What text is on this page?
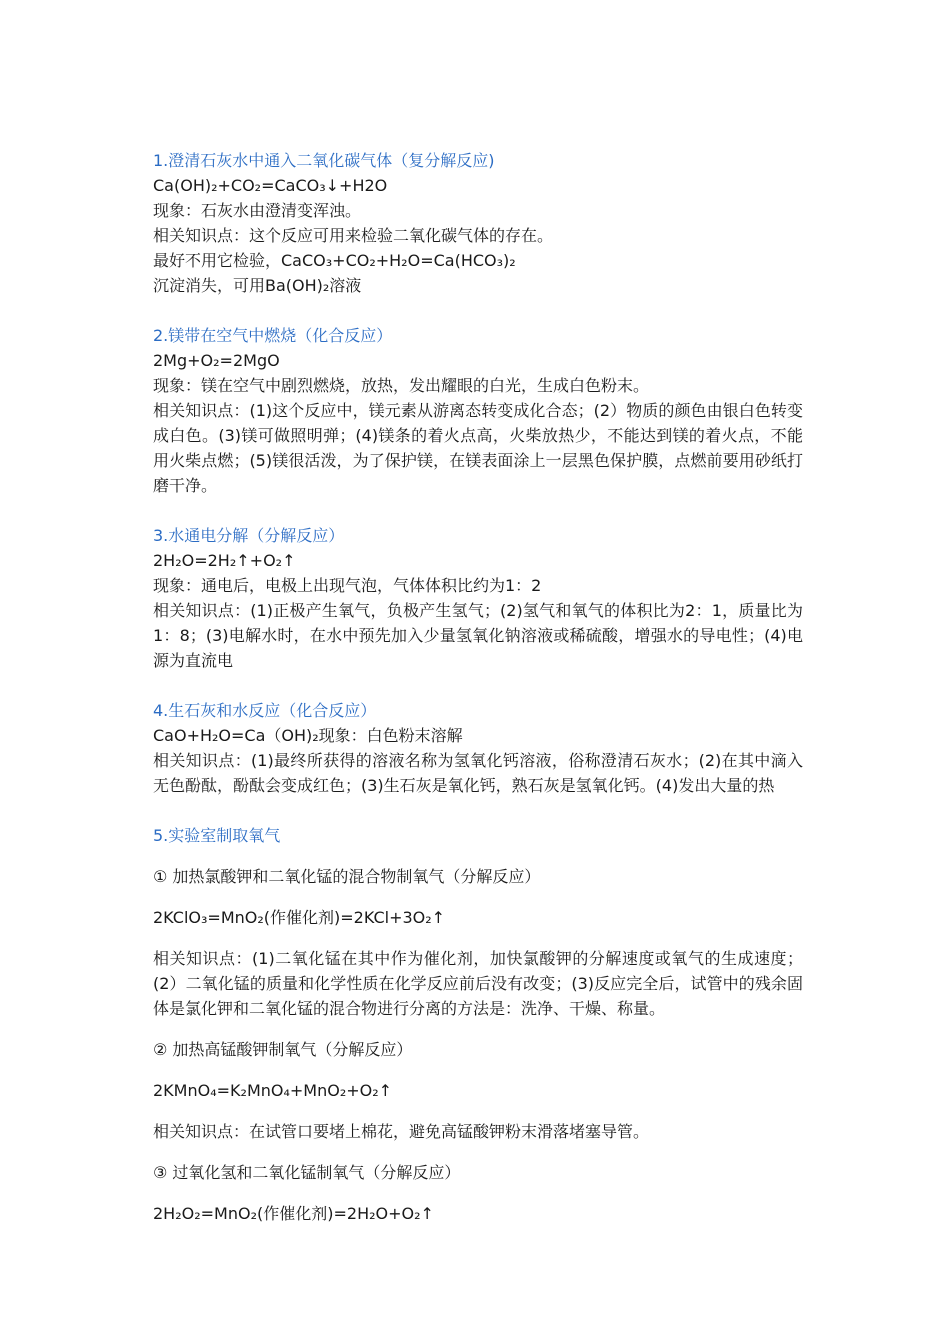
1.澄清石灰水中通入二氧化碳气体（复分解反应)

Ca(OH)₂+CO₂=CaCO₃↓+H2O

现象：石灰水由澄清变浑浊。

相关知识点：这个反应可用来检验二氧化碳气体的存在。

最好不用它检验，CaCO₃+CO₂+H₂O=Ca(HCO₃)₂

沉淀消失，可用Ba(OH)₂溶液

2.镁带在空气中燃烧（化合反应）

2Mg+O₂=2MgO

现象：镁在空气中剧烈燃烧，放热，发出耀眼的白光，生成白色粉末。

相关知识点：(1)这个反应中，镁元素从游离态转变成化合态；(2）物质的颜色由银白色转变成白色。(3)镁可做照明弹；(4)镁条的着火点高，火柴放热少，不能达到镁的着火点，不能用火柴点燃；(5)镁很活泼，为了保护镁，在镁表面涂上一层黑色保护膜，点燃前要用砂纸打磨干净。

3.水通电分解（分解反应）

2H₂O=2H₂↑+O₂↑

现象：通电后，电极上出现气泡，气体体积比约为1：2

相关知识点：(1)正极产生氧气，负极产生氢气；(2)氢气和氧气的体积比为2：1，质量比为1：8；(3)电解水时，在水中预先加入少量氢氧化钠溶液或稀硫酸，增强水的导电性；(4)电源为直流电

4.生石灰和水反应（化合反应）

CaO+H₂O=Ca（OH)₂现象：白色粉末溶解

相关知识点：(1)最终所获得的溶液名称为氢氧化钙溶液，俗称澄清石灰水；(2)在其中滴入无色酚酞，酚酞会变成红色；(3)生石灰是氧化钙，熟石灰是氢氧化钙。(4)发出大量的热

5.实验室制取氧气

① 加热氯酸钾和二氧化锰的混合物制氧气（分解反应）

2KClO₃=MnO₂(作催化剂)=2KCl+3O₂↑

相关知识点：(1)二氧化锰在其中作为催化剂，加快氯酸钾的分解速度或氧气的生成速度；(2）二氧化锰的质量和化学性质在化学反应前后没有改变；(3)反应完全后，试管中的残余固体是氯化钾和二氧化锰的混合物进行分离的方法是：洗净、干燥、称量。

② 加热高锰酸钾制氧气（分解反应）

2KMnO₄=K₂MnO₄+MnO₂+O₂↑

相关知识点：在试管口要堵上棉花，避免高锰酸钾粉末滑落堵塞导管。

③ 过氧化氢和二氧化锰制氧气（分解反应）

2H₂O₂=MnO₂(作催化剂)=2H₂O+O₂↑
